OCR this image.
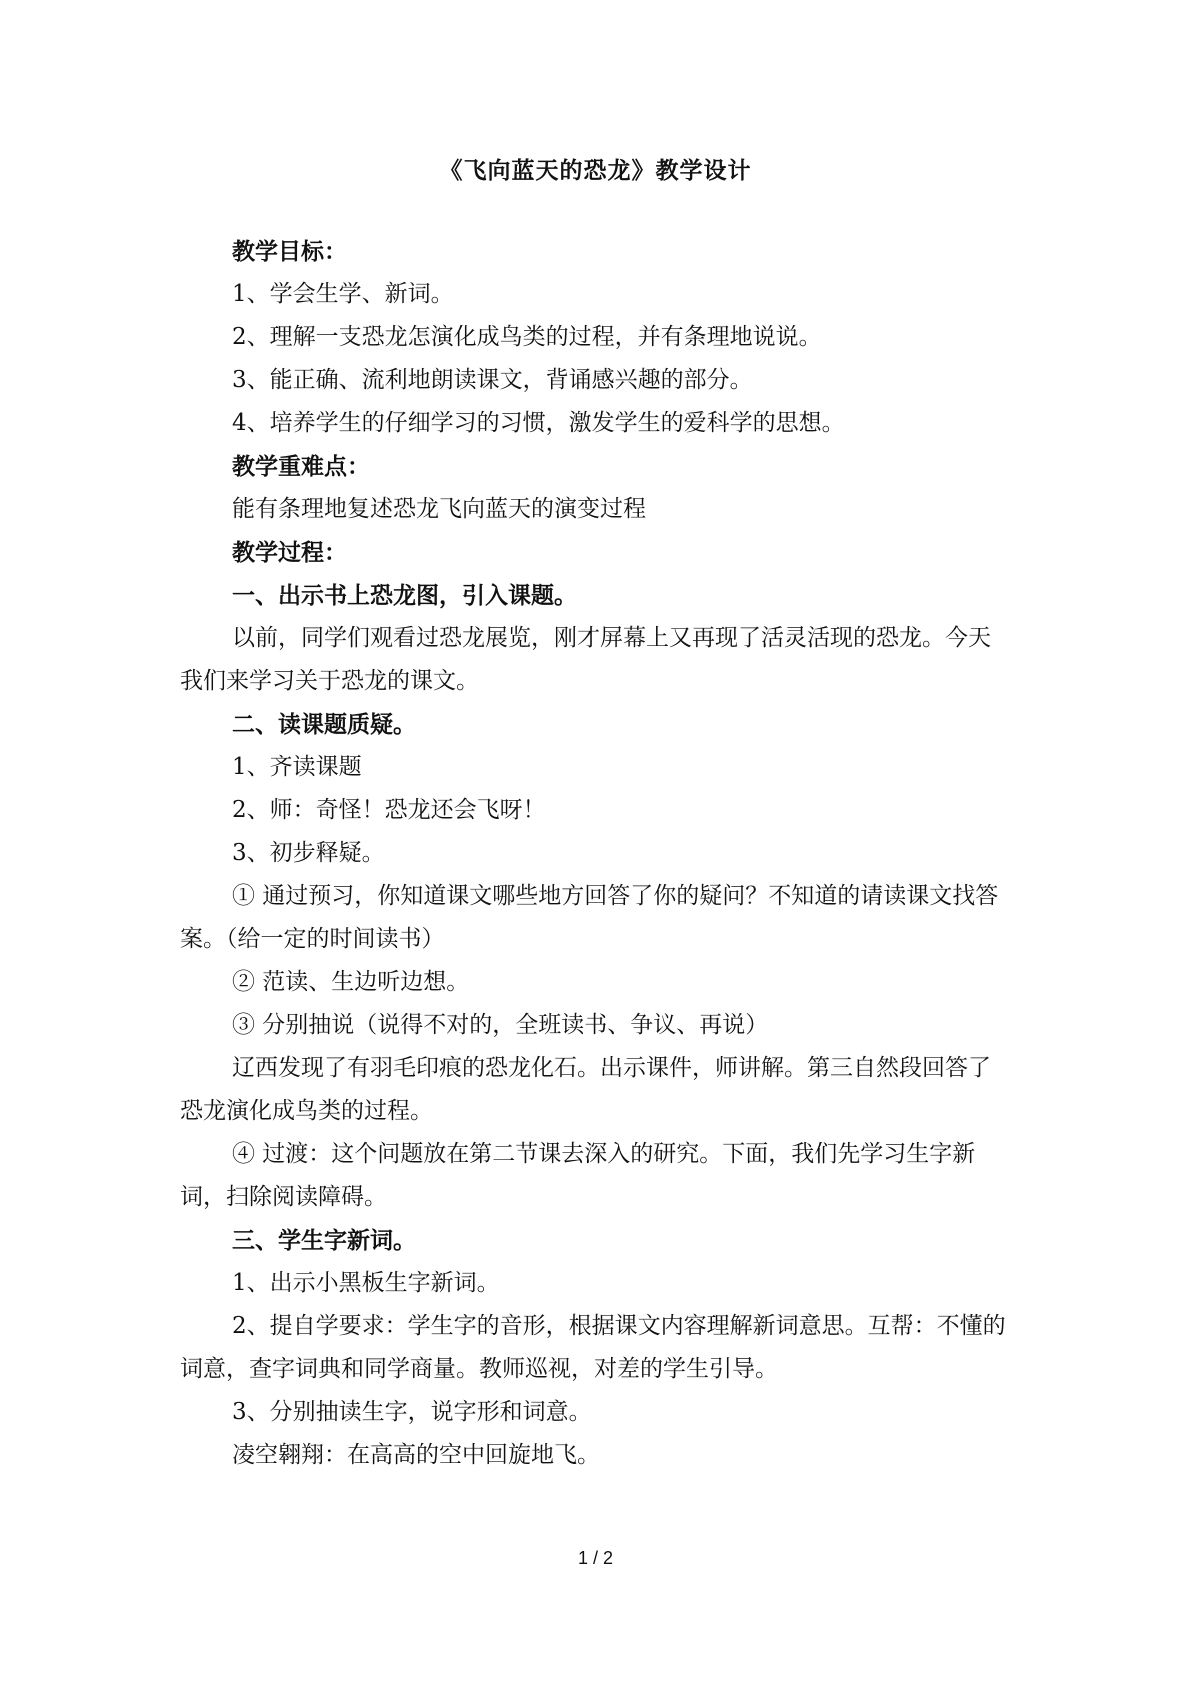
《飞向蓝天的恐龙》教学设计

教学目标：

1、学会生学、新词。

2、理解一支恐龙怎演化成鸟类的过程，并有条理地说说。

3、能正确、流利地朗读课文，背诵感兴趣的部分。

4、培养学生的仔细学习的习惯，激发学生的爱科学的思想。

教学重难点：

能有条理地复述恐龙飞向蓝天的演变过程

教学过程：

一、出示书上恐龙图，引入课题。

以前，同学们观看过恐龙展览，刚才屏幕上又再现了活灵活现的恐龙。今天我们来学习关于恐龙的课文。

二、读课题质疑。

1、齐读课题

2、师：奇怪！恐龙还会飞呀！

3、初步释疑。

① 通过预习，你知道课文哪些地方回答了你的疑问？不知道的请读课文找答案。（给一定的时间读书）

② 范读、生边听边想。

③ 分别抽说（说得不对的，全班读书、争议、再说）

辽西发现了有羽毛印痕的恐龙化石。出示课件，师讲解。第三自然段回答了恐龙演化成鸟类的过程。

④ 过渡：这个问题放在第二节课去深入的研究。下面，我们先学习生字新词，扫除阅读障碍。

三、学生字新词。

1、出示小黑板生字新词。

2、提自学要求：学生字的音形，根据课文内容理解新词意思。互帮：不懂的词意，查字词典和同学商量。教师巡视，对差的学生引导。

3、分别抽读生字，说字形和词意。

凌空翱翔：在高高的空中回旋地飞。

1 / 2
